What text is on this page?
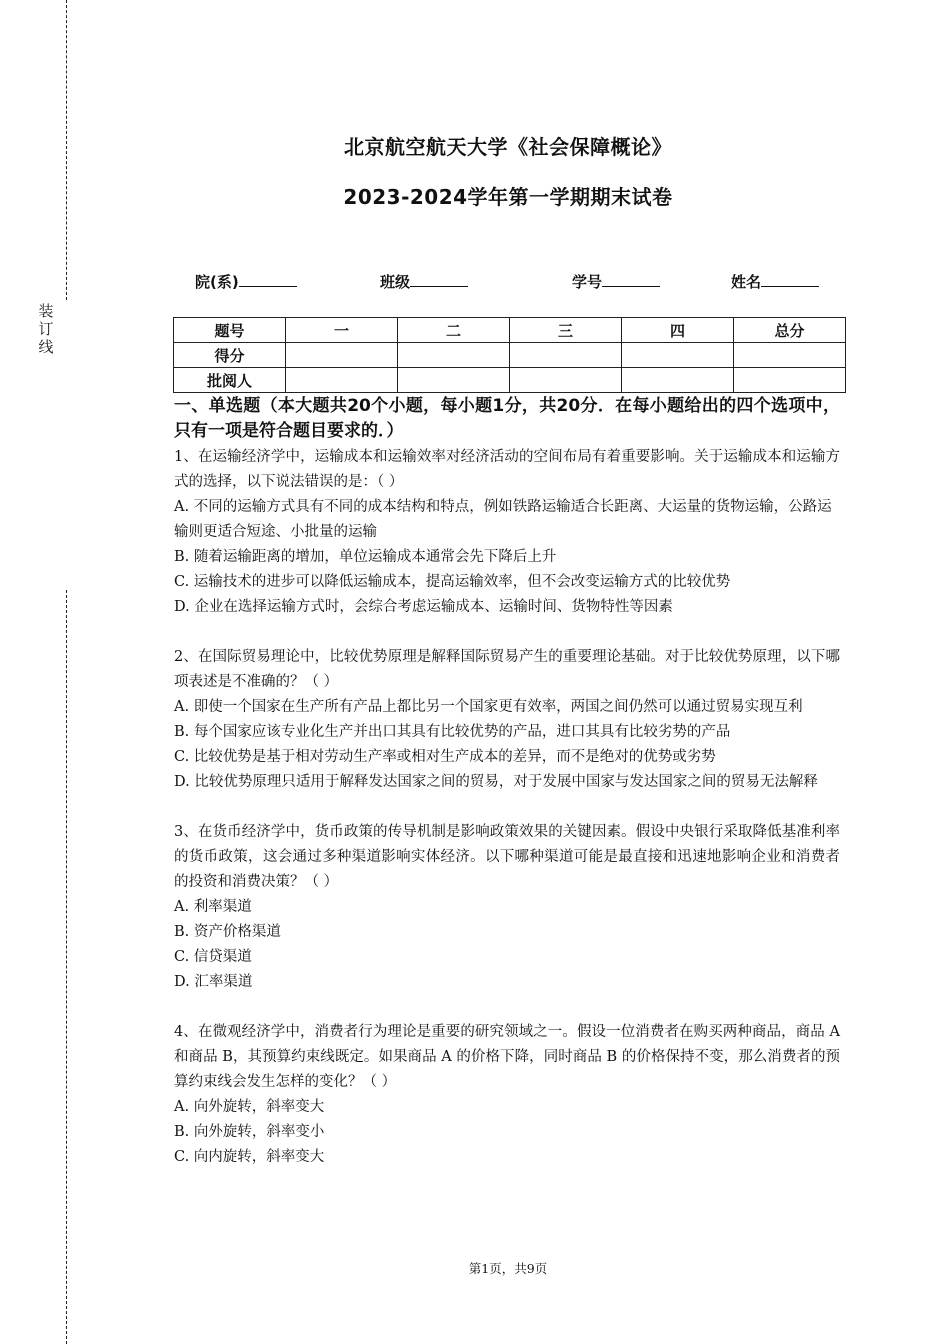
装
订
线
北京航空航天大学《社会保障概论》
2023-2024学年第一学期期末试卷
院(系)	班级	学号	姓名
题号	一	二	三	四	总分
得分					
批阅人					

一、单选题（本大题共20个小题，每小题1分，共20分．在每小题给出的四个选项中，只有一项是符合题目要求的．）

1、在运输经济学中，运输成本和运输效率对经济活动的空间布局有着重要影响。关于运输成本和运输方式的选择，以下说法错误的是：（ ）

A. 不同的运输方式具有不同的成本结构和特点，例如铁路运输适合长距离、大运量的货物运输，公路运输则更适合短途、小批量的运输

B. 随着运输距离的增加，单位运输成本通常会先下降后上升

C. 运输技术的进步可以降低运输成本，提高运输效率，但不会改变运输方式的比较优势

D. 企业在选择运输方式时，会综合考虑运输成本、运输时间、货物特性等因素

2、在国际贸易理论中，比较优势原理是解释国际贸易产生的重要理论基础。对于比较优势原理，以下哪项表述是不准确的？（ ）

A. 即使一个国家在生产所有产品上都比另一个国家更有效率，两国之间仍然可以通过贸易实现互利

B. 每个国家应该专业化生产并出口其具有比较优势的产品，进口其具有比较劣势的产品

C. 比较优势是基于相对劳动生产率或相对生产成本的差异，而不是绝对的优势或劣势

D. 比较优势原理只适用于解释发达国家之间的贸易，对于发展中国家与发达国家之间的贸易无法解释

3、在货币经济学中，货币政策的传导机制是影响政策效果的关键因素。假设中央银行采取降低基准利率的货币政策，这会通过多种渠道影响实体经济。以下哪种渠道可能是最直接和迅速地影响企业和消费者的投资和消费决策？（ ）

A. 利率渠道

B. 资产价格渠道

C. 信贷渠道

D. 汇率渠道

4、在微观经济学中，消费者行为理论是重要的研究领域之一。假设一位消费者在购买两种商品，商品 A 和商品 B，其预算约束线既定。如果商品 A 的价格下降，同时商品 B 的价格保持不变，那么消费者的预算约束线会发生怎样的变化？（ ）

A. 向外旋转，斜率变大

B. 向外旋转，斜率变小

C. 向内旋转，斜率变大

第1页，共9页
